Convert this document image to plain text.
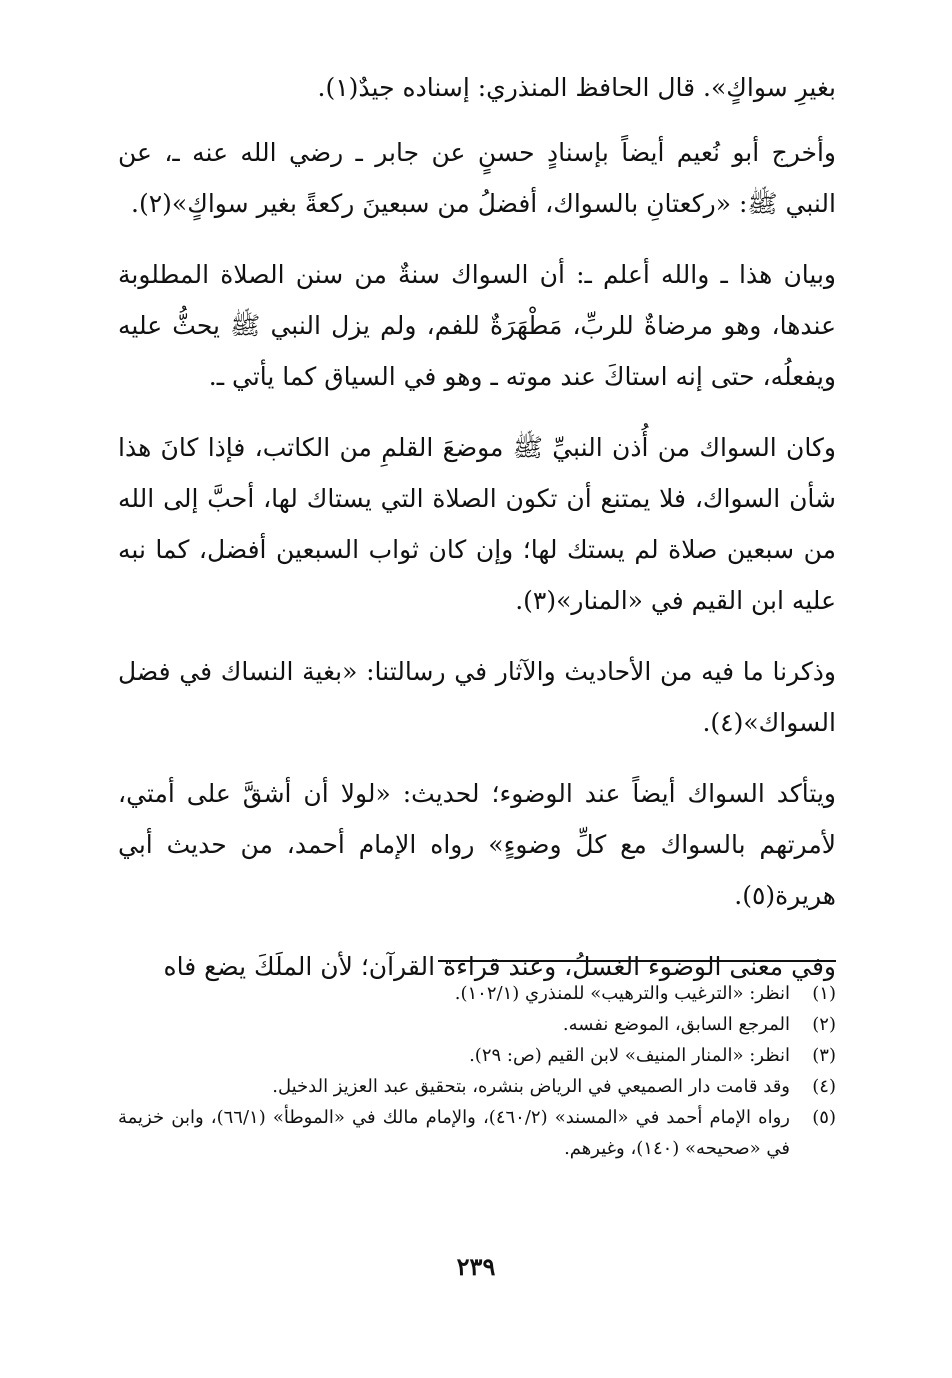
بغيرِ سواكٍ». قال الحافظ المنذري: إسناده جيدٌ(١).

وأخرج أبو نُعيم أيضاً بإسنادٍ حسنٍ عن جابر ـ رضي الله عنه ـ، عن النبي ﷺ: «ركعتانِ بالسواك، أفضلُ من سبعينَ ركعةً بغير سواكٍ»(٢).

وبيان هذا ـ والله أعلم ـ: أن السواك سنةٌ من سنن الصلاة المطلوبة عندها، وهو مرضاةٌ للربِّ، مَطْهَرَةٌ للفم، ولم يزل النبي ﷺ يحثُّ عليه ويفعلُه، حتى إنه استاكَ عند موته ـ وهو في السياق كما يأتي ـ.

وكان السواك من أُذن النبيِّ ﷺ موضعَ القلمِ من الكاتب، فإذا كانَ هذا شأن السواك، فلا يمتنع أن تكون الصلاة التي يستاك لها، أحبَّ إلى الله من سبعين صلاة لم يستك لها؛ وإن كان ثواب السبعين أفضل، كما نبه عليه ابن القيم في «المنار»(٣).

وذكرنا ما فيه من الأحاديث والآثار في رسالتنا: «بغية النساك في فضل السواك»(٤).

ويتأكد السواك أيضاً عند الوضوء؛ لحديث: «لولا أن أشقَّ على أمتي، لأمرتهم بالسواك مع كلِّ وضوءٍ» رواه الإمام أحمد، من حديث أبي هريرة(٥).

وفي معنى الوضوء الغسلُ، وعند قراءة القرآن؛ لأن الملَكَ يضع فاه

(١)
انظر: «الترغيب والترهيب» للمنذري (١٠٢/١).
(٢)
المرجع السابق، الموضع نفسه.
(٣)
انظر: «المنار المنيف» لابن القيم (ص: ٢٩).
(٤)
وقد قامت دار الصميعي في الرياض بنشره، بتحقيق عبد العزيز الدخيل.
(٥)
رواه الإمام أحمد في «المسند» (٤٦٠/٢)، والإمام مالك في «الموطأ» (٦٦/١)، وابن خزيمة في «صحيحه» (١٤٠)، وغيرهم.
٢٣٩
